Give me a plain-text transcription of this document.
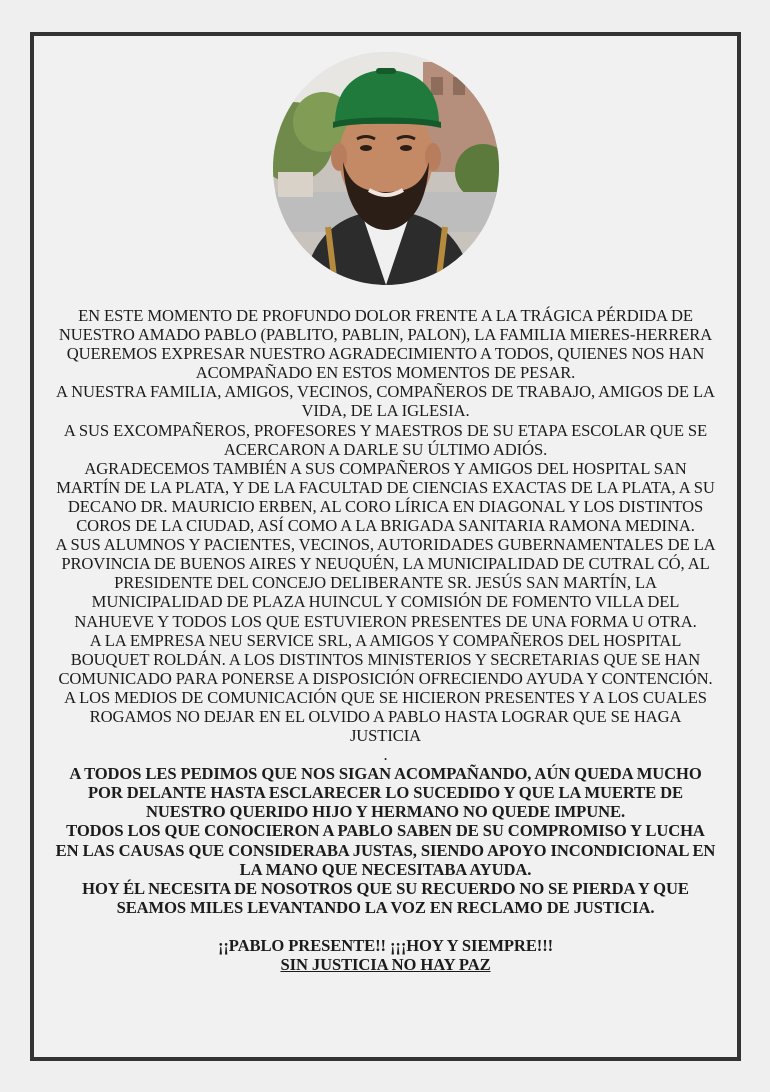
EN ESTE MOMENTO DE PROFUNDO DOLOR FRENTE A LA TRÁGICA PÉRDIDA DE NUESTRO AMADO PABLO (PABLITO, PABLIN, PALON), LA FAMILIA MIERES-HERRERA QUEREMOS EXPRESAR NUESTRO AGRADECIMIENTO A TODOS, QUIENES NOS HAN ACOMPAÑADO EN ESTOS MOMENTOS DE PESAR.

A NUESTRA FAMILIA, AMIGOS, VECINOS, COMPAÑEROS DE TRABAJO, AMIGOS DE LA VIDA, DE LA IGLESIA.

A SUS EXCOMPAÑEROS, PROFESORES Y MAESTROS DE SU ETAPA ESCOLAR QUE SE ACERCARON A DARLE SU ÚLTIMO ADIÓS.

AGRADECEMOS TAMBIÉN A SUS COMPAÑEROS Y AMIGOS DEL HOSPITAL SAN MARTÍN DE LA PLATA, Y DE LA FACULTAD DE CIENCIAS EXACTAS DE LA PLATA, A SU DECANO DR. MAURICIO ERBEN, AL CORO LÍRICA EN DIAGONAL Y LOS DISTINTOS COROS DE LA CIUDAD, ASÍ COMO A LA BRIGADA SANITARIA RAMONA MEDINA.

A SUS ALUMNOS Y PACIENTES, VECINOS, AUTORIDADES GUBERNAMENTALES DE LA PROVINCIA DE BUENOS AIRES Y NEUQUÉN, LA MUNICIPALIDAD DE CUTRAL CÓ, AL PRESIDENTE DEL CONCEJO DELIBERANTE SR. JESÚS SAN MARTÍN, LA MUNICIPALIDAD DE PLAZA HUINCUL Y COMISIÓN DE FOMENTO VILLA DEL NAHUEVE Y TODOS LOS QUE ESTUVIERON PRESENTES DE UNA FORMA U OTRA.

A LA EMPRESA NEU SERVICE SRL, A AMIGOS Y COMPAÑEROS DEL HOSPITAL BOUQUET ROLDÁN. A LOS DISTINTOS MINISTERIOS Y SECRETARIAS QUE SE HAN COMUNICADO PARA PONERSE A DISPOSICIÓN OFRECIENDO AYUDA Y CONTENCIÓN.

A LOS MEDIOS DE COMUNICACIÓN QUE SE HICIERON PRESENTES Y A LOS CUALES ROGAMOS NO DEJAR EN EL OLVIDO A PABLO HASTA LOGRAR QUE SE HAGA JUSTICIA

.

A TODOS LES PEDIMOS QUE NOS SIGAN ACOMPAÑANDO, AÚN QUEDA MUCHO POR DELANTE HASTA ESCLARECER LO SUCEDIDO Y QUE LA MUERTE DE NUESTRO QUERIDO HIJO Y HERMANO NO QUEDE IMPUNE.

TODOS LOS QUE CONOCIERON A PABLO SABEN DE SU COMPROMISO Y LUCHA EN LAS CAUSAS QUE CONSIDERABA JUSTAS, SIENDO APOYO INCONDICIONAL EN LA MANO QUE NECESITABA AYUDA.

HOY ÉL NECESITA DE NOSOTROS QUE SU RECUERDO NO SE PIERDA Y QUE SEAMOS MILES LEVANTANDO LA VOZ EN RECLAMO DE JUSTICIA.

¡¡PABLO PRESENTE!! ¡¡¡HOY Y SIEMPRE!!!

SIN JUSTICIA NO HAY PAZ
